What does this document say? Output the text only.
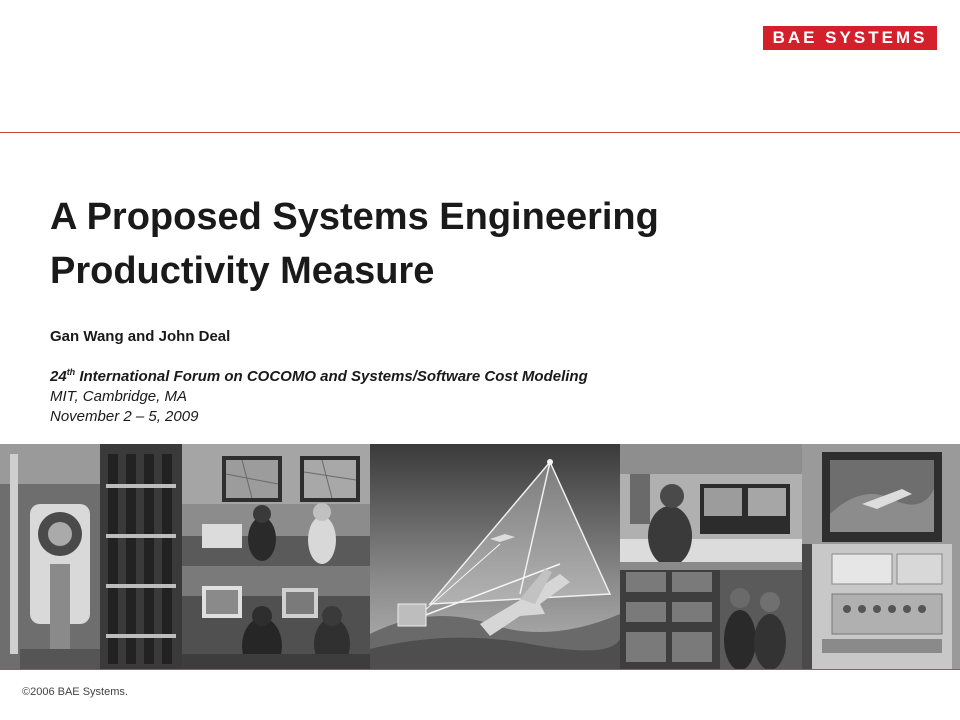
BAE SYSTEMS
A Proposed Systems Engineering
Productivity Measure
Gan Wang and John Deal
24th International Forum on COCOMO and Systems/Software Cost Modeling
MIT, Cambridge, MA
November 2 – 5, 2009
©2006 BAE Systems.
